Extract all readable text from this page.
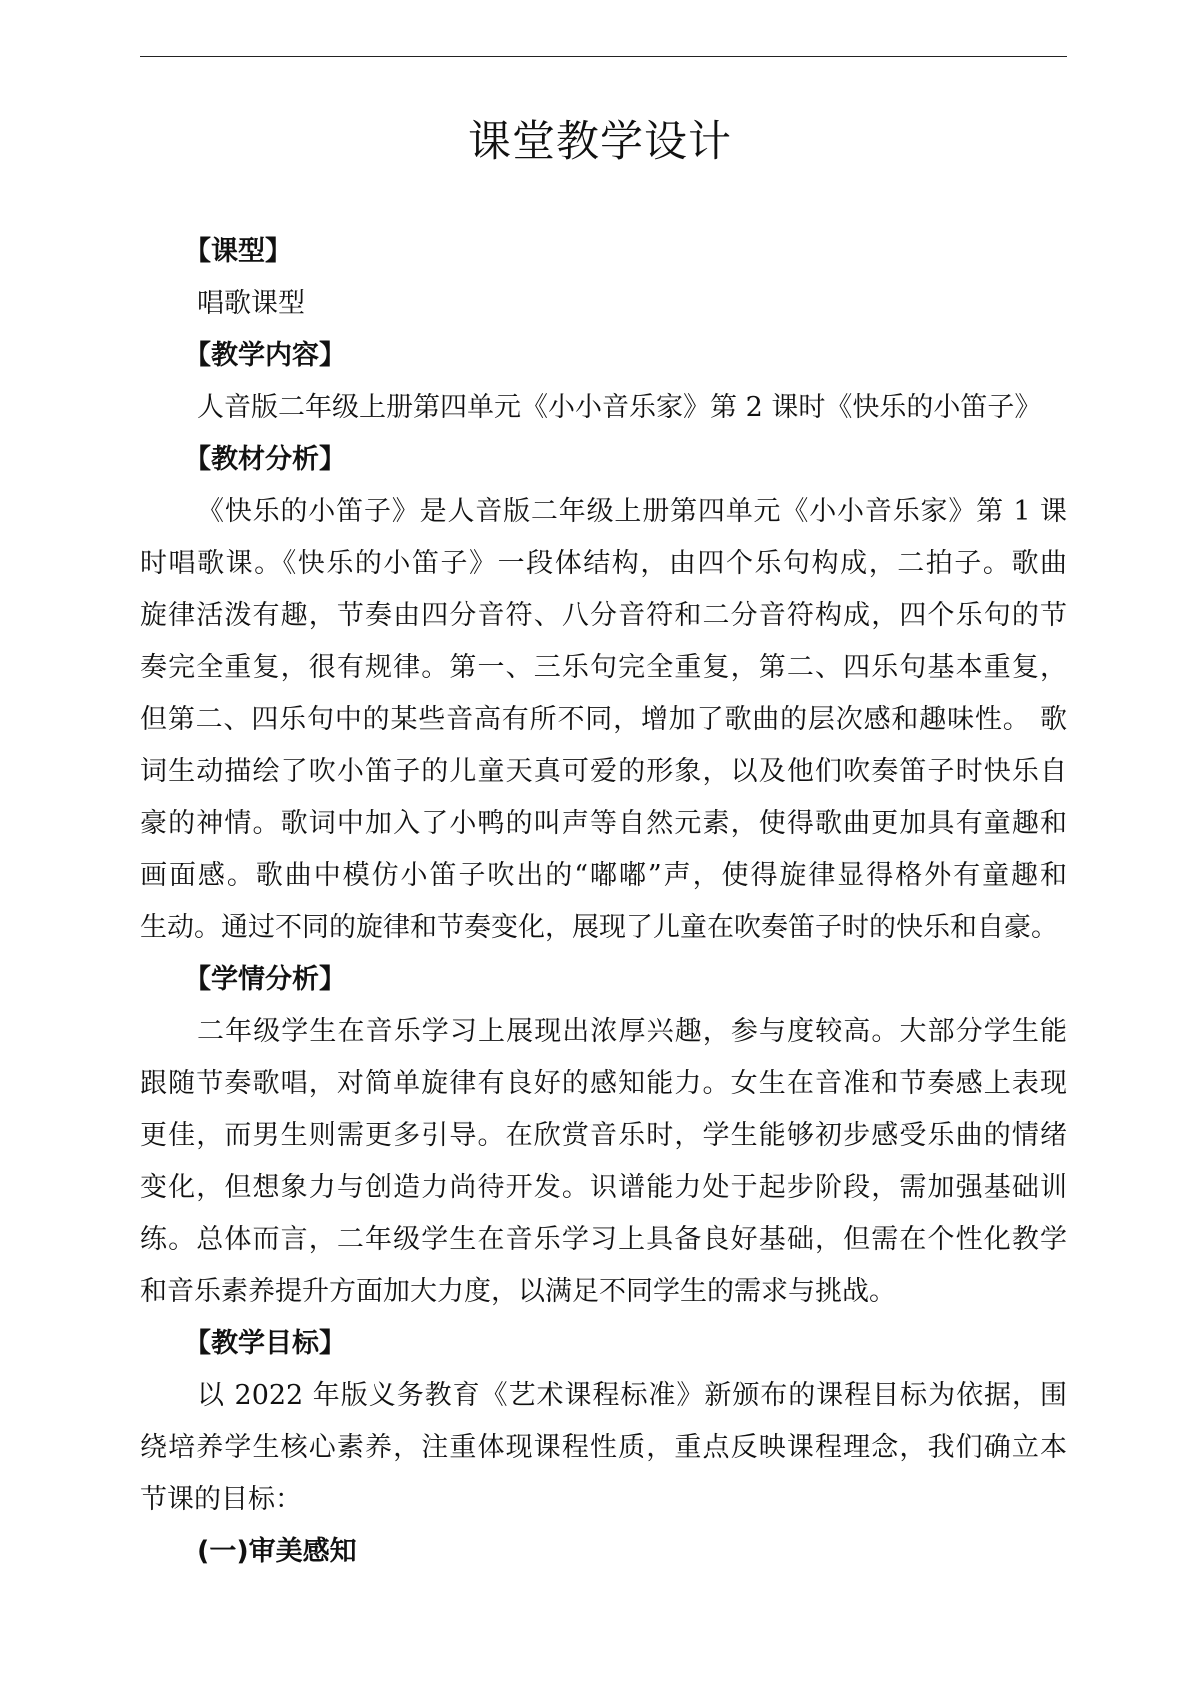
课堂教学设计
【课型】
唱歌课型
【教学内容】
人音版二年级上册第四单元《小小音乐家》第 2 课时《快乐的小笛子》
【教材分析】
《快乐的小笛子》是人音版二年级上册第四单元《小小音乐家》第 1 课
时唱歌课。《快乐的小笛子》一段体结构，由四个乐句构成，二拍子。歌曲
旋律活泼有趣，节奏由四分音符、八分音符和二分音符构成，四个乐句的节
奏完全重复，很有规律。第一、三乐句完全重复，第二、四乐句基本重复，
但第二、四乐句中的某些音高有所不同，增加了歌曲的层次感和趣味性。 歌
词生动描绘了吹小笛子的儿童天真可爱的形象，以及他们吹奏笛子时快乐自
豪的神情。歌词中加入了小鸭的叫声等自然元素，使得歌曲更加具有童趣和
画面感。歌曲中模仿小笛子吹出的“嘟嘟”声，使得旋律显得格外有童趣和
生动。通过不同的旋律和节奏变化，展现了儿童在吹奏笛子时的快乐和自豪。
【学情分析】
二年级学生在音乐学习上展现出浓厚兴趣，参与度较高。大部分学生能
跟随节奏歌唱，对简单旋律有良好的感知能力。女生在音准和节奏感上表现
更佳，而男生则需更多引导。在欣赏音乐时，学生能够初步感受乐曲的情绪
变化，但想象力与创造力尚待开发。识谱能力处于起步阶段，需加强基础训
练。总体而言，二年级学生在音乐学习上具备良好基础，但需在个性化教学
和音乐素养提升方面加大力度，以满足不同学生的需求与挑战。
【教学目标】
以 2022 年版义务教育《艺术课程标准》新颁布的课程目标为依据，围
绕培养学生核心素养，注重体现课程性质，重点反映课程理念，我们确立本
节课的目标：
(一)审美感知
